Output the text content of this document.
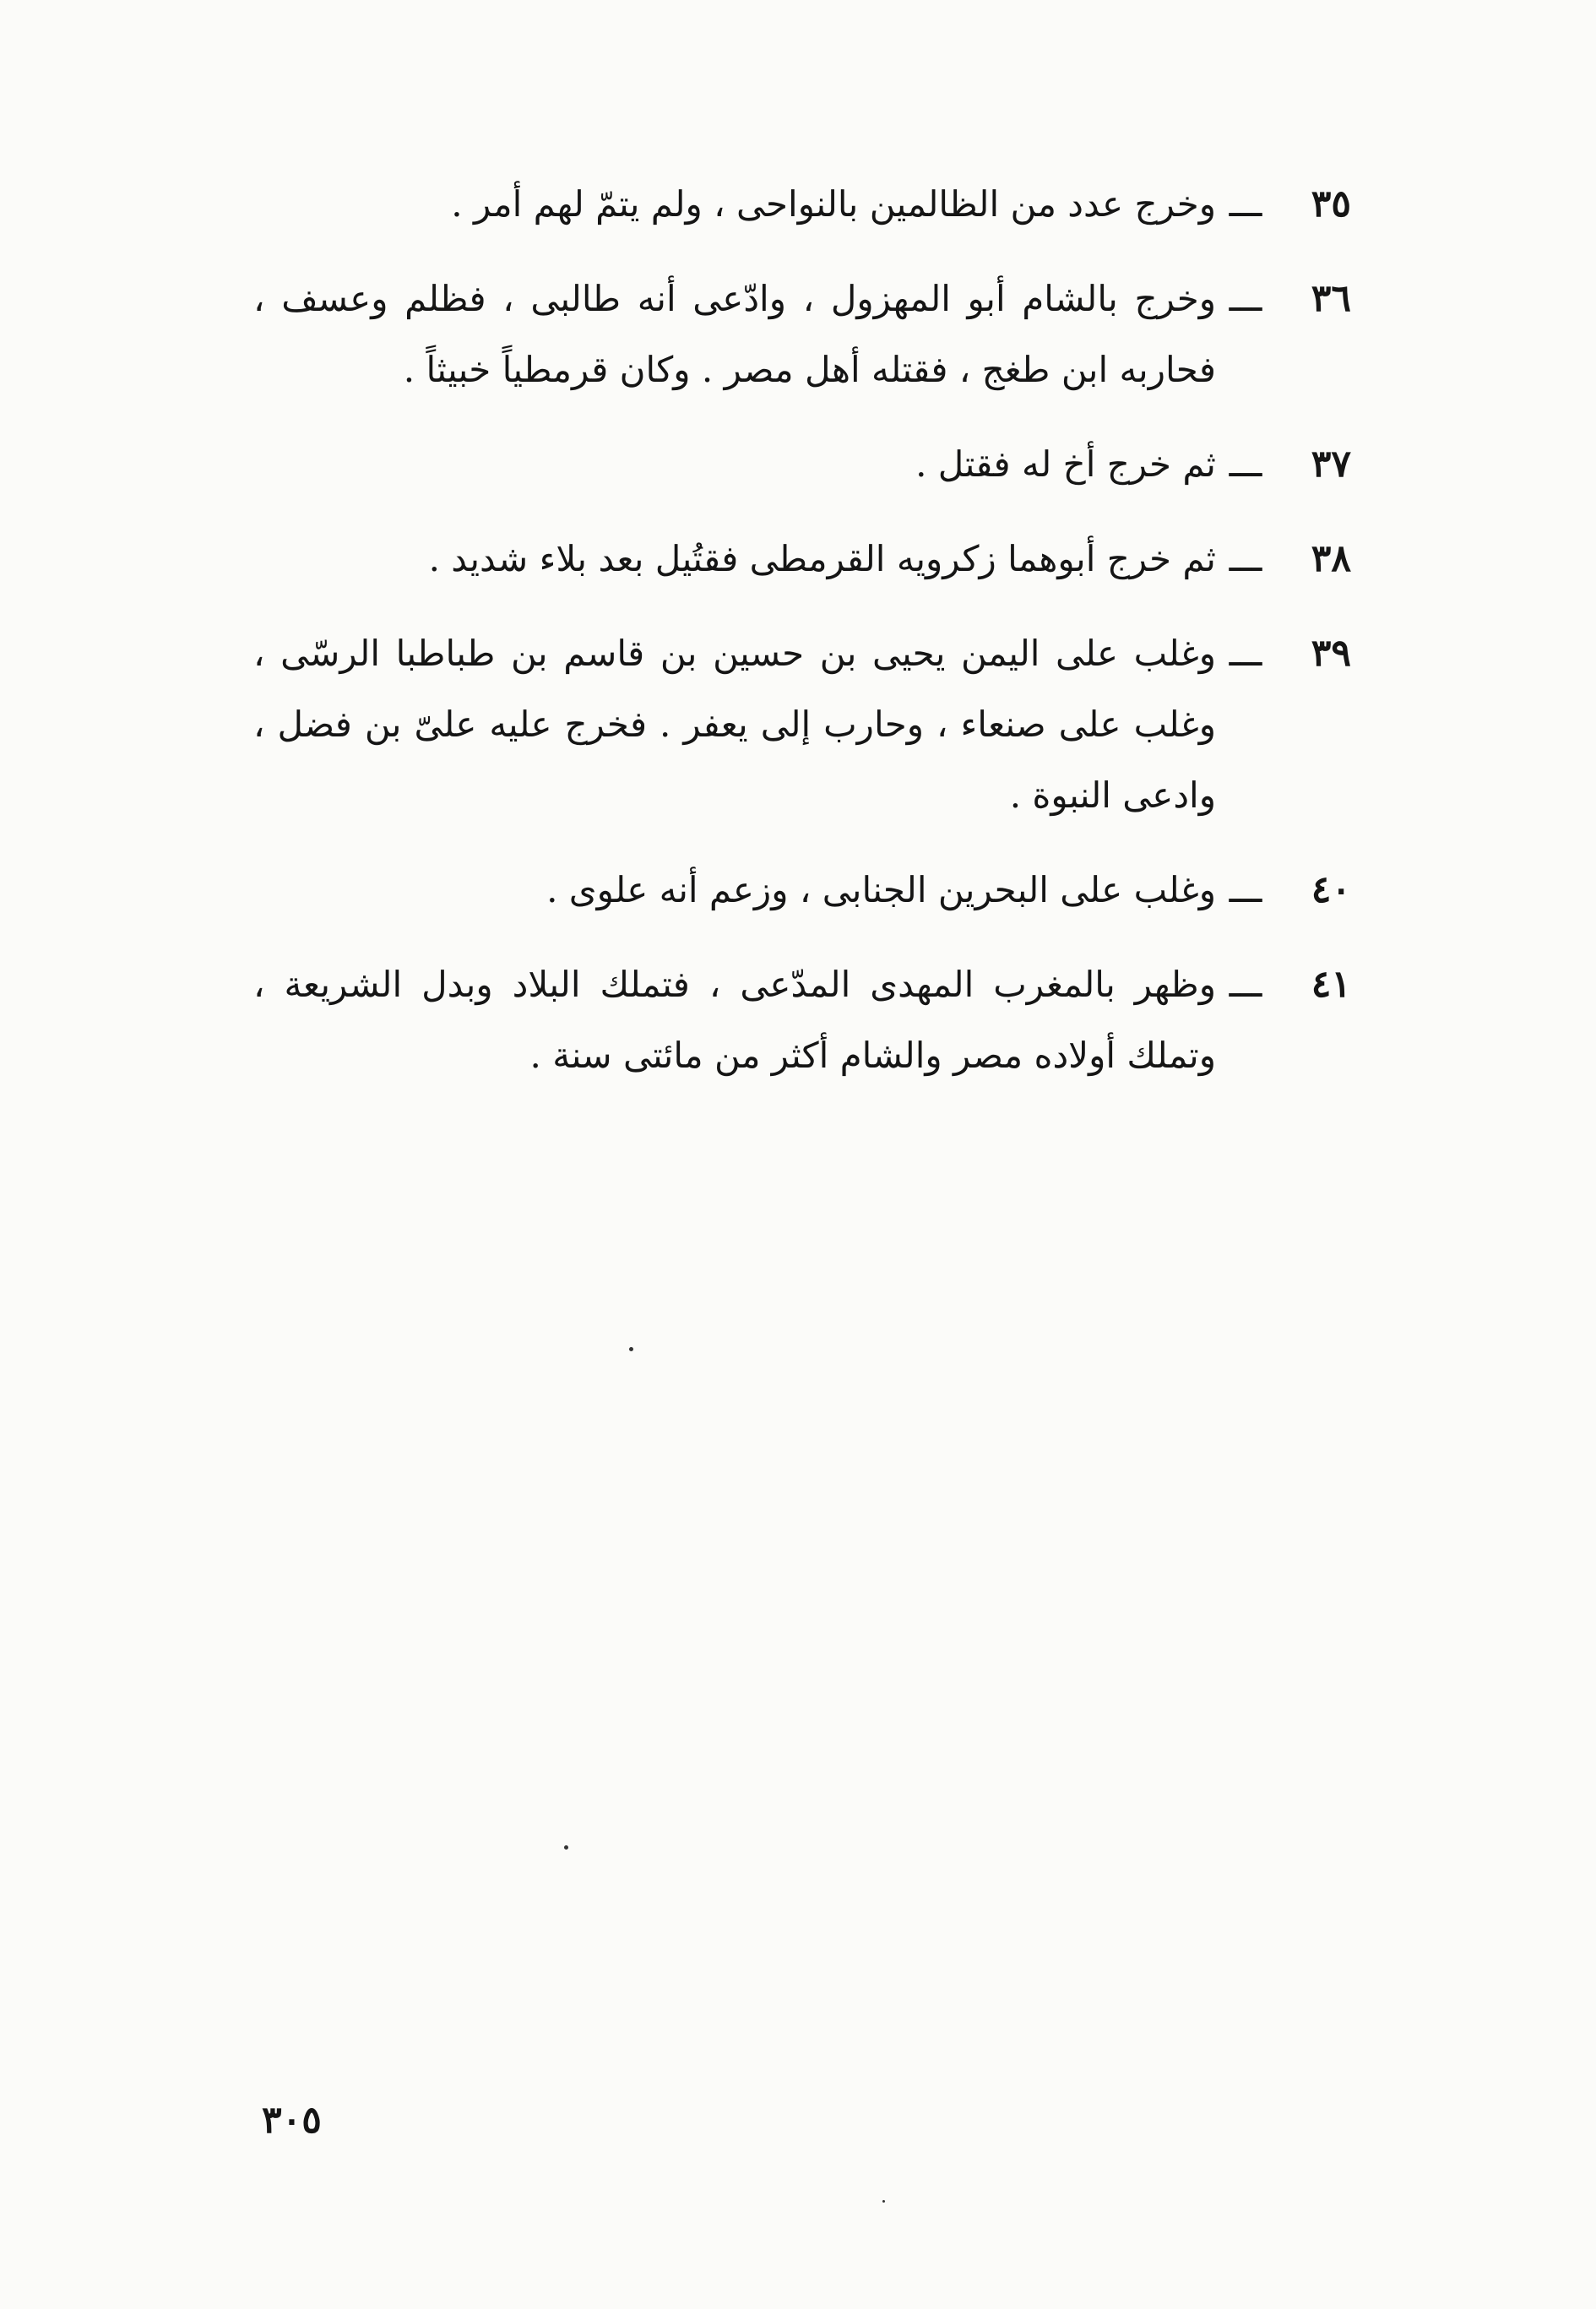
٣٥
ـــ
وخرج عدد من الظالمين بالنواحى ، ولم يتمّ لهم أمر .
٣٦
ـــ
وخرج بالشام أبو المهزول ، وادّعى أنه طالبى ، فظلم وعسف ، فحاربه ابن طغج ، فقتله أهل مصر . وكان قرمطياً خبيثاً .
٣٧
ـــ
ثم خرج أخ له فقتل .
٣٨
ـــ
ثم خرج أبوهما زكرويه القرمطى فقتُيل بعد بلاء شديد .
٣٩
ـــ
وغلب على اليمن يحيى بن حسين بن قاسم بن طباطبا الرسّى ، وغلب على صنعاء ، وحارب إلى يعفر . فخرج عليه علىّ بن فضل ، وادعى النبوة .
٤٠
ـــ
وغلب على البحرين الجنابى ، وزعم أنه علوى .
٤١
ـــ
وظهر بالمغرب المهدى المدّعى ، فتملك البلاد وبدل الشريعة ، وتملك أولاده مصر والشام أكثر من مائتى سنة .
٣٠٥
